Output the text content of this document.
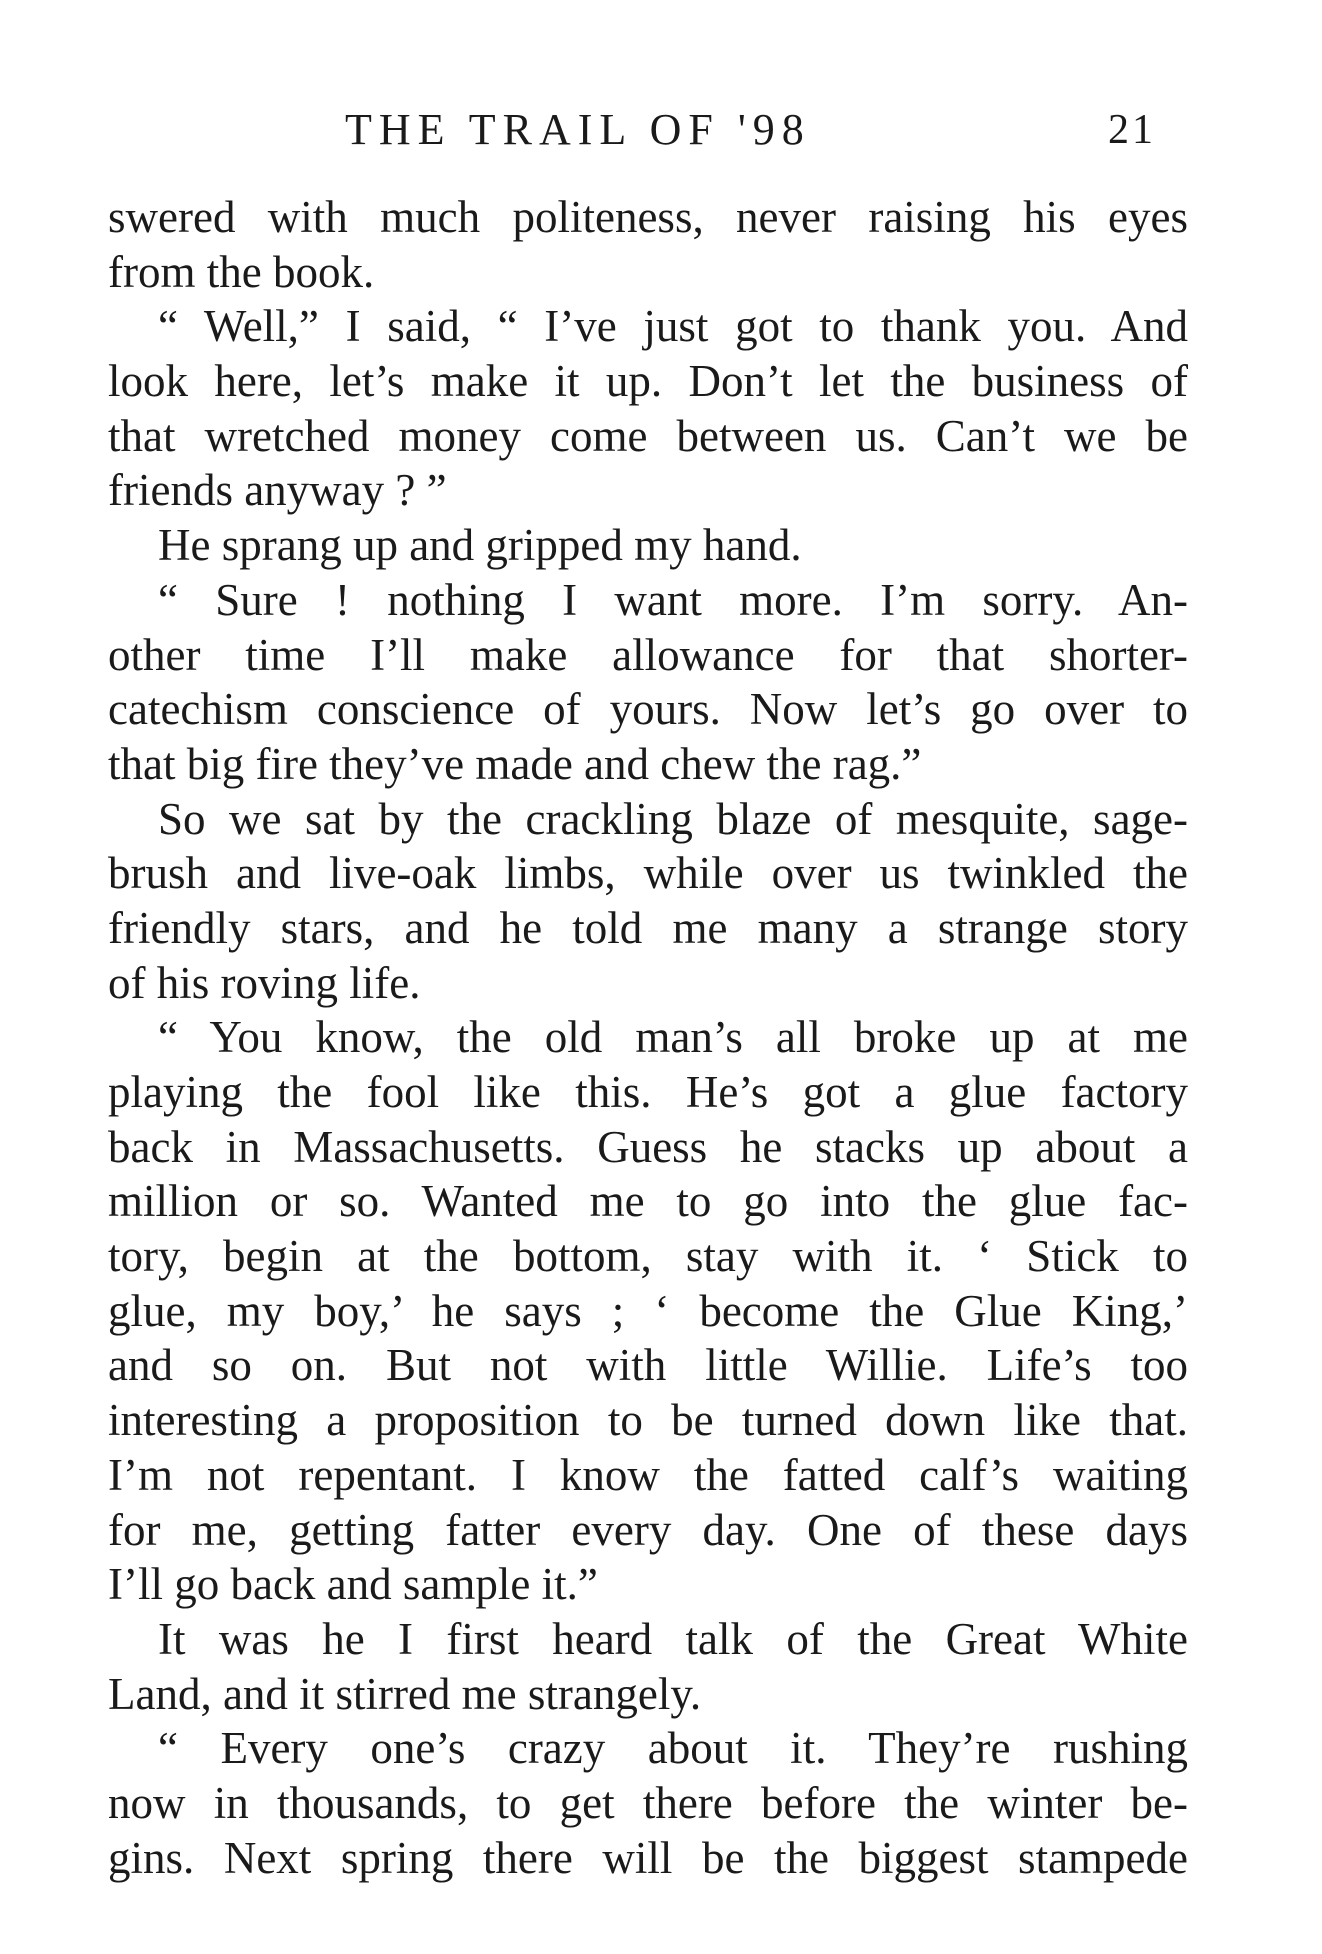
THE TRAIL OF '98	21
swered with much politeness, never raising his eyes
from the book.
“ Well,” I said, “ I’ve just got to thank you. And
look here, let’s make it up. Don’t let the business of
that wretched money come between us. Can’t we be
friends anyway ? ”
He sprang up and gripped my hand.
“ Sure ! nothing I want more. I’m sorry. An-
other time I’ll make allowance for that shorter-
catechism conscience of yours. Now let’s go over to
that big fire they’ve made and chew the rag.”
So we sat by the crackling blaze of mesquite, sage-
brush and live-oak limbs, while over us twinkled the
friendly stars, and he told me many a strange story
of his roving life.
“ You know, the old man’s all broke up at me
playing the fool like this. He’s got a glue factory
back in Massachusetts. Guess he stacks up about a
million or so. Wanted me to go into the glue fac-
tory, begin at the bottom, stay with it. ‘ Stick to
glue, my boy,’ he says ; ‘ become the Glue King,’
and so on. But not with little Willie. Life’s too
interesting a proposition to be turned down like that.
I’m not repentant. I know the fatted calf’s waiting
for me, getting fatter every day. One of these days
I’ll go back and sample it.”
It was he I first heard talk of the Great White
Land, and it stirred me strangely.
“ Every one’s crazy about it. They’re rushing
now in thousands, to get there before the winter be-
gins. Next spring there will be the biggest stampede
